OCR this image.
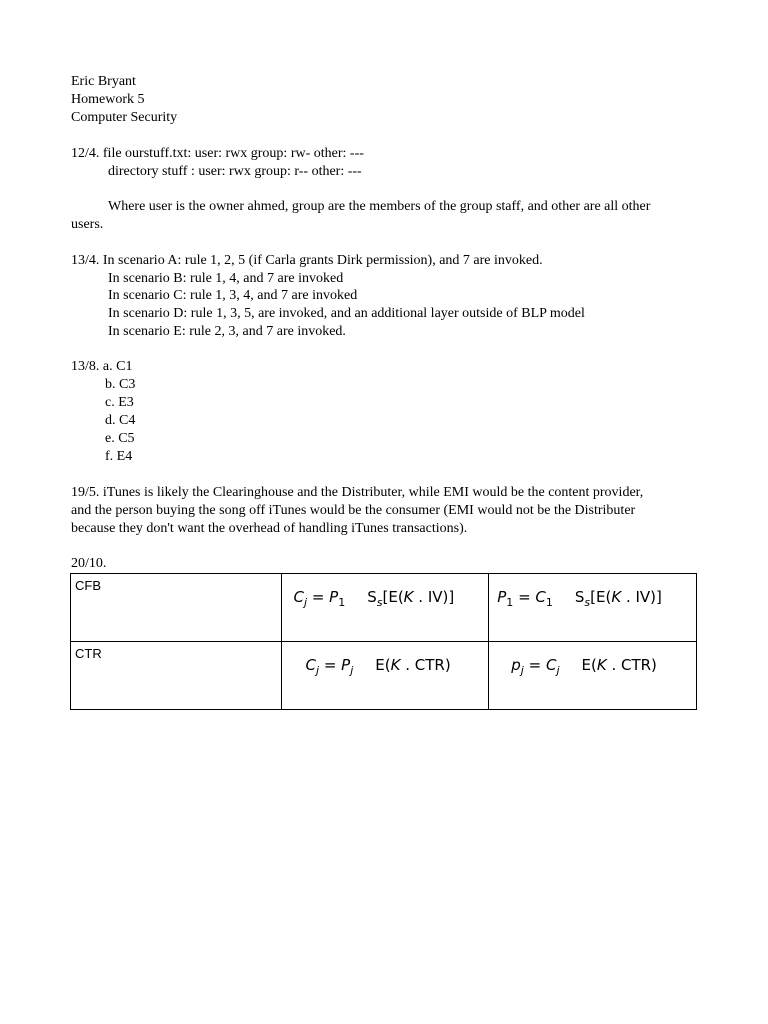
Eric Bryant
Homework 5
Computer Security
12/4. file ourstuff.txt: user: rwx group: rw- other: ---
directory stuff : user: rwx group: r-- other: ---
Where user is the owner ahmed, group are the members of the group staff, and other are all other
users.
13/4. In scenario A: rule 1, 2, 5 (if Carla grants Dirk permission), and 7 are invoked.
In scenario B: rule 1, 4, and 7 are invoked
In scenario C: rule 1, 3, 4, and 7 are invoked
In scenario D: rule 1, 3, 5, are invoked, and an additional layer outside of BLP model
In scenario E: rule 2, 3, and 7 are invoked.
13/8. a. C1
b. C3
c. E3
d. C4
e. C5
f. E4
19/5. iTunes is likely the Clearinghouse and the Distributer, while EMI would be the content provider,
and the person buying the song off iTunes would be the consumer (EMI would not be the Distributer
because they don't want the overhead of handling iTunes transactions).
20/10.
CFB	$C_j = P_1$ $S_s[E(K$ . IV)]	$P_1 = C_1$ $S_s[E(K$ . IV)]

CTR	$C_j = P_j$ E(K . CTR)	$p_j = C_j$ E(K . CTR)
